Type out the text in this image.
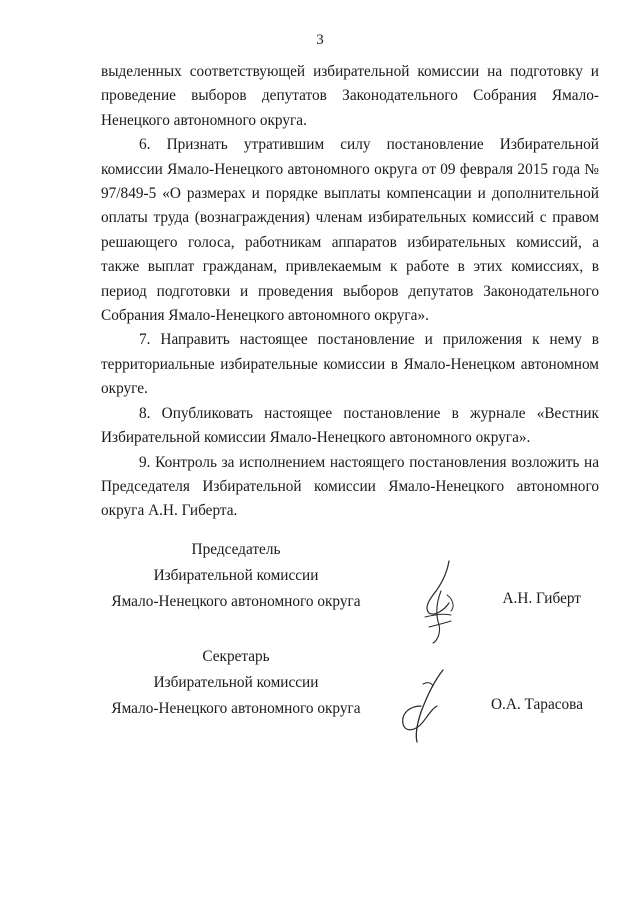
3

выделенных соответствующей избирательной комиссии на подготовку и проведение выборов депутатов Законодательного Собрания Ямало-Ненецкого автономного округа.

6. Признать утратившим силу постановление Избирательной комиссии Ямало-Ненецкого автономного округа от 09 февраля 2015 года № 97/849-5 «О размерах и порядке выплаты компенсации и дополнительной оплаты труда (вознаграждения) членам избирательных комиссий с правом решающего голоса, работникам аппаратов избирательных комиссий, а также выплат гражданам, привлекаемым к работе в этих комиссиях, в период подготовки и проведения выборов депутатов Законодательного Собрания Ямало-Ненецкого автономного округа».

7. Направить настоящее постановление и приложения к нему в территориальные избирательные комиссии в Ямало-Ненецком автономном округе.

8. Опубликовать настоящее постановление в журнале «Вестник Избирательной комиссии Ямало-Ненецкого автономного округа».

9. Контроль за исполнением настоящего постановления возложить на Председателя Избирательной комиссии Ямало-Ненецкого автономного округа А.Н. Гиберта.

Председатель
Избирательной комиссии
Ямало-Ненецкого автономного округа	А.Н. Гиберт
Секретарь
Избирательной комиссии
Ямало-Ненецкого автономного округа	О.А. Тарасова
